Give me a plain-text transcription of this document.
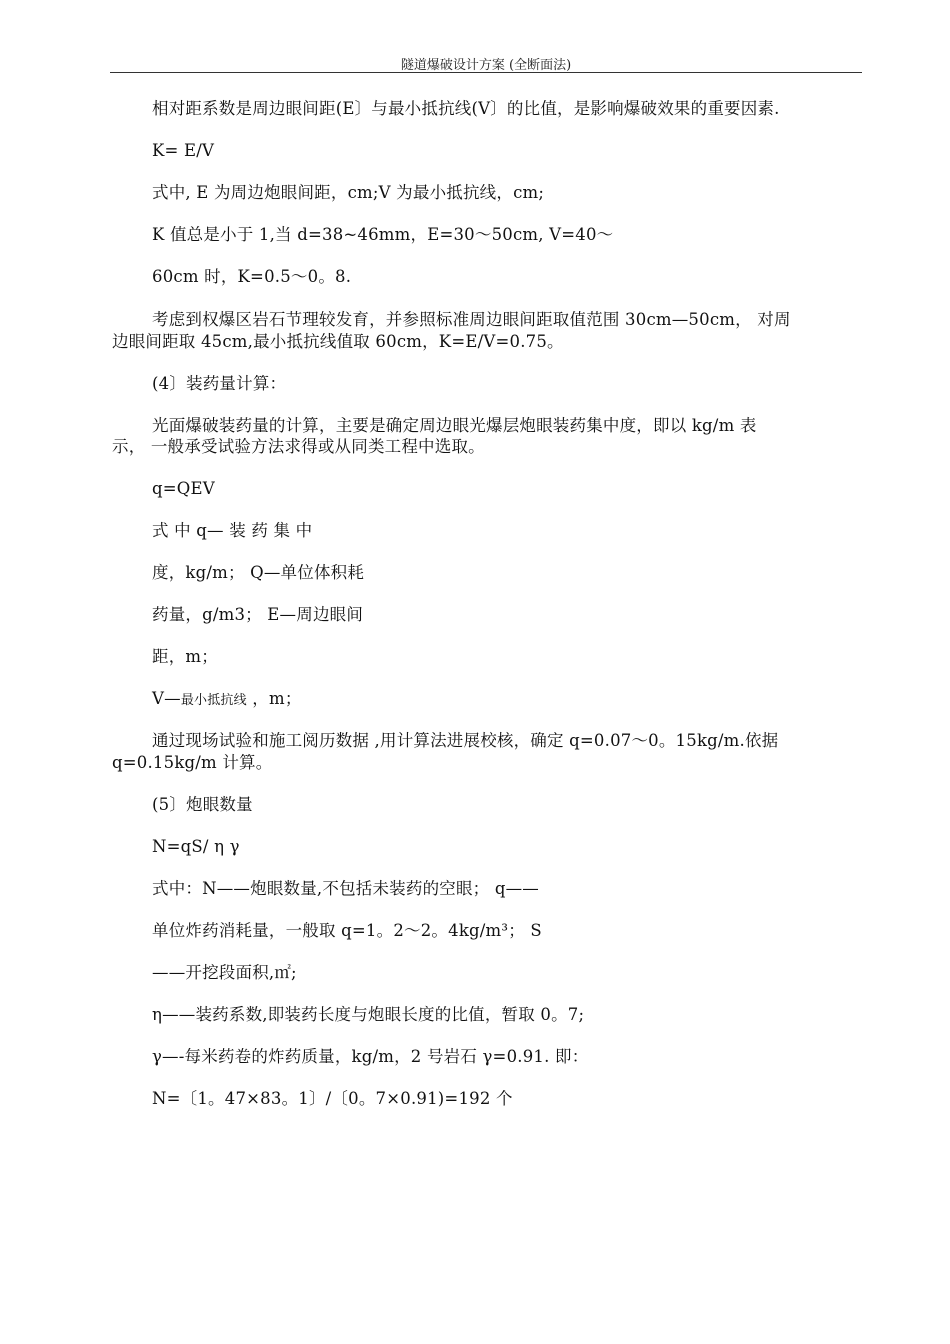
隧道爆破设计方案 (全断面法)
相对距系数是周边眼间距(E〕与最小抵抗线(V〕的比值，是影响爆破效果的重要因素.
K= E/V
式中, E 为周边炮眼间距，cm;V 为最小抵抗线，cm;
K 值总是小于 1,当 d=38~46mm，E=30～50cm, V=40～
60cm 时，K=0.5～0。8.
考虑到权爆区岩石节理较发育，并参照标准周边眼间距取值范围 30cm—50cm， 对周
边眼间距取 45cm,最小抵抗线值取 60cm，K=E/V=0.75。
(4〕装药量计算：
光面爆破装药量的计算，主要是确定周边眼光爆层炮眼装药集中度，即以 kg/m 表
示， 一般承受试验方法求得或从同类工程中选取。
q=QEV
式 中 q— 装 药 集 中
度，kg/m； Q—单位体积耗
药量，g/m3； E—周边眼间
距，m；
V—最小抵抗线 ，m；
通过现场试验和施工阅历数据 ,用计算法进展校核，确定 q=0.07～0。15kg/m.依据
q=0.15kg/m 计算。
(5〕炮眼数量
N=qS/ η γ
式中：N——炮眼数量,不包括未装药的空眼； q——
单位炸药消耗量，一般取 q=1。2～2。4kg/m³； S
——开挖段面积,㎡;
η——装药系数,即装药长度与炮眼长度的比值，暂取 0。7;
γ—-每米药卷的炸药质量，kg/m，2 号岩石 γ=0.91. 即：
N=〔1。47×83。1〕/〔0。7×0.91)=192 个
